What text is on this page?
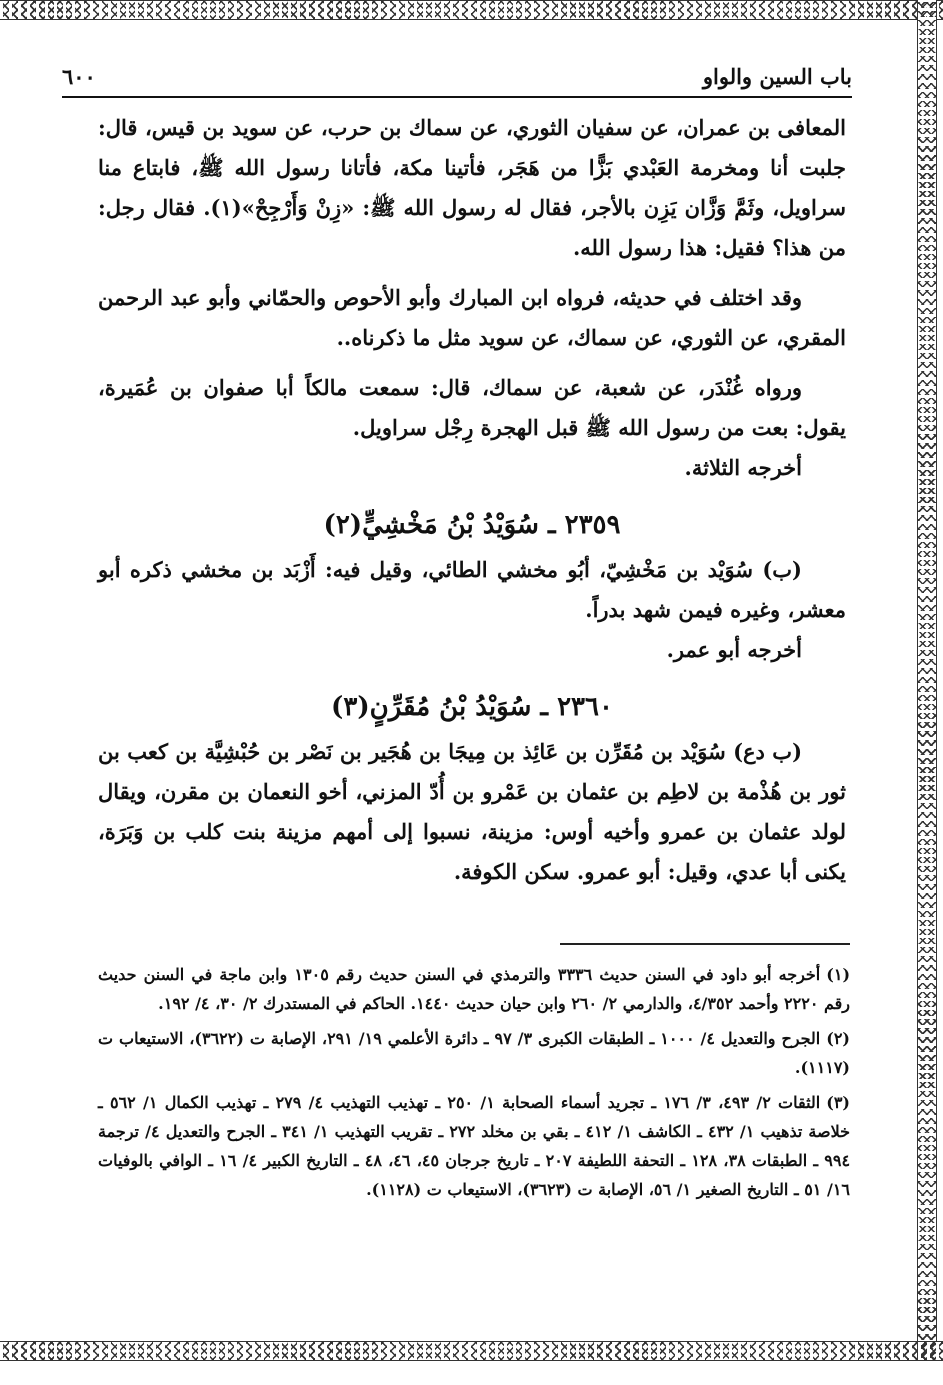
باب السين والواو
٦٠٠

المعافى بن عمران، عن سفيان الثوري، عن سماك بن حرب، عن سويد بن قيس، قال: جلبت أنا ومخرمة العَبْدي بَزًّا من هَجَر، فأتينا مكة، فأتانا رسول الله ﷺ، فابتاع منا سراويل، وثَمَّ وَزَّان يَزِن بالأجر، فقال له رسول الله ﷺ: «زِنْ وَأَرْجِحْ»(١). فقال رجل: من هذا؟ فقيل: هذا رسول الله.

وقد اختلف في حديثه، فرواه ابن المبارك وأبو الأحوص والحمّاني وأبو عبد الرحمن المقري، عن الثوري، عن سماك، عن سويد مثل ما ذكرناه..

ورواه غُنْدَر، عن شعبة، عن سماك، قال: سمعت مالكاً أبا صفوان بن عُمَيرة، يقول: بعت من رسول الله ﷺ قبل الهجرة رِجْل سراويل.

أخرجه الثلاثة.

٢٣٥٩ ـ سُوَيْدُ بْنُ مَخْشِيٍّ(٢)

(ب) سُوَيْد بن مَخْشِيّ، أبُو مخشي الطائي، وقيل فيه: أَزْبَد بن مخشي ذكره أبو معشر، وغيره فيمن شهد بدراً.

أخرجه أبو عمر.

٢٣٦٠ ـ سُوَيْدُ بْنُ مُقَرِّنٍ(٣)

(ب دع) سُوَيْد بن مُقَرِّن بن عَائِذ بن مِيجَا بن هُجَير بن نَصْر بن حُبْشِيَّة بن كعب بن ثور بن هُذْمة بن لاطِم بن عثمان بن عَمْرو بن أُدّ المزني، أخو النعمان بن مقرن، ويقال لولد عثمان بن عمرو وأخيه أوس: مزينة، نسبوا إلى أمهم مزينة بنت كلب بن وَبَرَة، يكنى أبا عدي، وقيل: أبو عمرو. سكن الكوفة.

(١)أخرجه أبو داود في السنن حديث ٣٣٣٦ والترمذي في السنن حديث رقم ١٣٠٥ وابن ماجة في السنن حديث رقم ٢٢٢٠ وأحمد ٤/٣٥٢، والدارمي ٢/ ٢٦٠ وابن حيان حديث ١٤٤٠. الحاكم في المستدرك ٢/ ٣٠، ٤/ ١٩٢.

(٢)الجرح والتعديل ٤/ ١٠٠٠ ـ الطبقات الكبرى ٣/ ٩٧ ـ دائرة الأعلمي ١٩/ ٢٩١، الإصابة ت (٣٦٢٢)، الاستيعاب ت (١١١٧).

(٣)الثقات ٢/ ٤٩٣، ٣/ ١٧٦ ـ تجريد أسماء الصحابة ١/ ٢٥٠ ـ تهذيب التهذيب ٤/ ٢٧٩ ـ تهذيب الكمال ١/ ٥٦٢ ـ خلاصة تذهيب ١/ ٤٣٢ ـ الكاشف ١/ ٤١٢ ـ بقي بن مخلد ٢٧٢ ـ تقريب التهذيب ١/ ٣٤١ ـ الجرح والتعديل ٤/ ترجمة ٩٩٤ ـ الطبقات ٣٨، ١٢٨ ـ التحفة اللطيفة ٢٠٧ ـ تاريخ جرجان ٤٥، ٤٦، ٤٨ ـ التاريخ الكبير ٤/ ١٦ ـ الوافي بالوفيات ١٦/ ٥١ ـ التاريخ الصغير ١/ ٥٦، الإصابة ت (٣٦٢٣)، الاستيعاب ت (١١٢٨).
